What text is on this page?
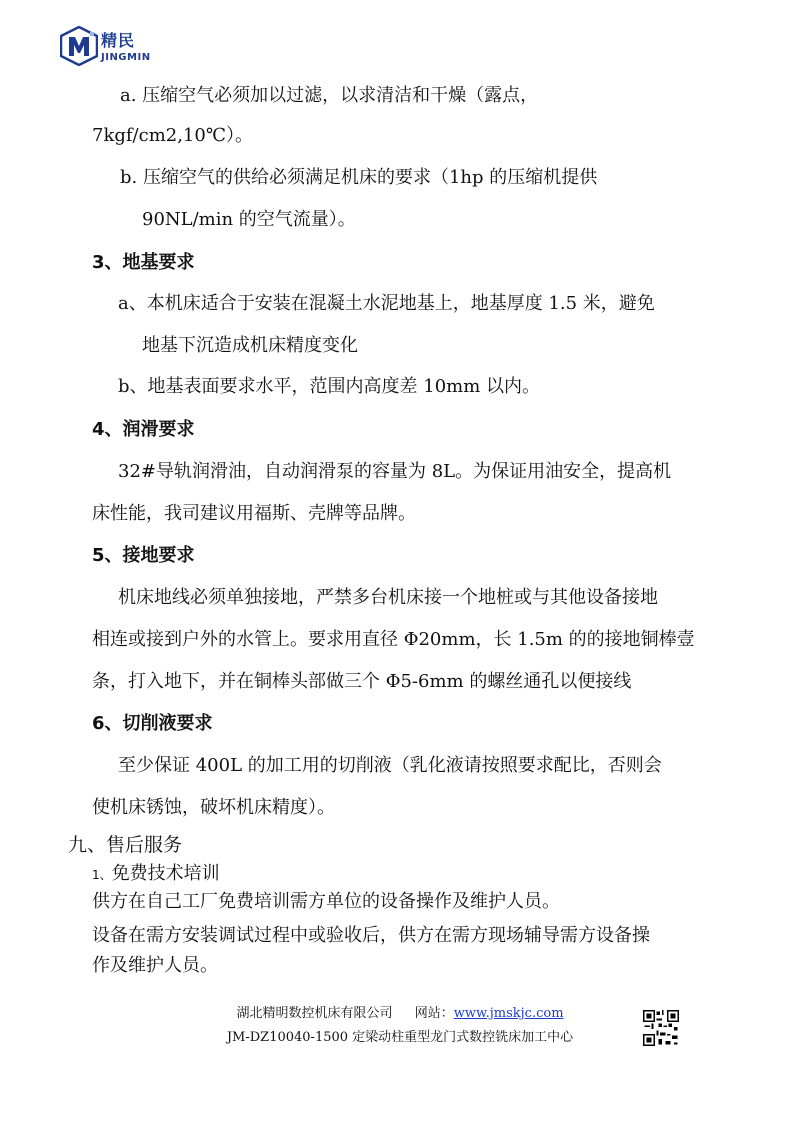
精民
JINGMIN
a. 压缩空气必须加以过滤，以求清洁和干燥（露点，
7kgf/cm2,10℃）。
b. 压缩空气的供给必须满足机床的要求（1hp 的压缩机提供
90NL/min 的空气流量）。
3、地基要求
a、本机床适合于安装在混凝土水泥地基上，地基厚度 1.5 米，避免
地基下沉造成机床精度变化
b、地基表面要求水平，范围内高度差 10mm 以内。
4、润滑要求
32#导轨润滑油，自动润滑泵的容量为 8L。为保证用油安全，提高机
床性能，我司建议用福斯、壳牌等品牌。
5、接地要求
机床地线必须单独接地，严禁多台机床接一个地桩或与其他设备接地
相连或接到户外的水管上。要求用直径 Φ20mm，长 1.5m 的的接地铜棒壹
条，打入地下，并在铜棒头部做三个 Φ5-6mm 的螺丝通孔以便接线
6、切削液要求
至少保证 400L 的加工用的切削液（乳化液请按照要求配比，否则会
使机床锈蚀，破坏机床精度）。
九、售后服务
1、免费技术培训
供方在自己工厂免费培训需方单位的设备操作及维护人员。
设备在需方安装调试过程中或验收后，供方在需方现场辅导需方设备操
作及维护人员。
湖北精明数控机床有限公司 网站：www.jmskjc.com
JM-DZ10040-1500 定梁动柱重型龙门式数控铣床加工中心
